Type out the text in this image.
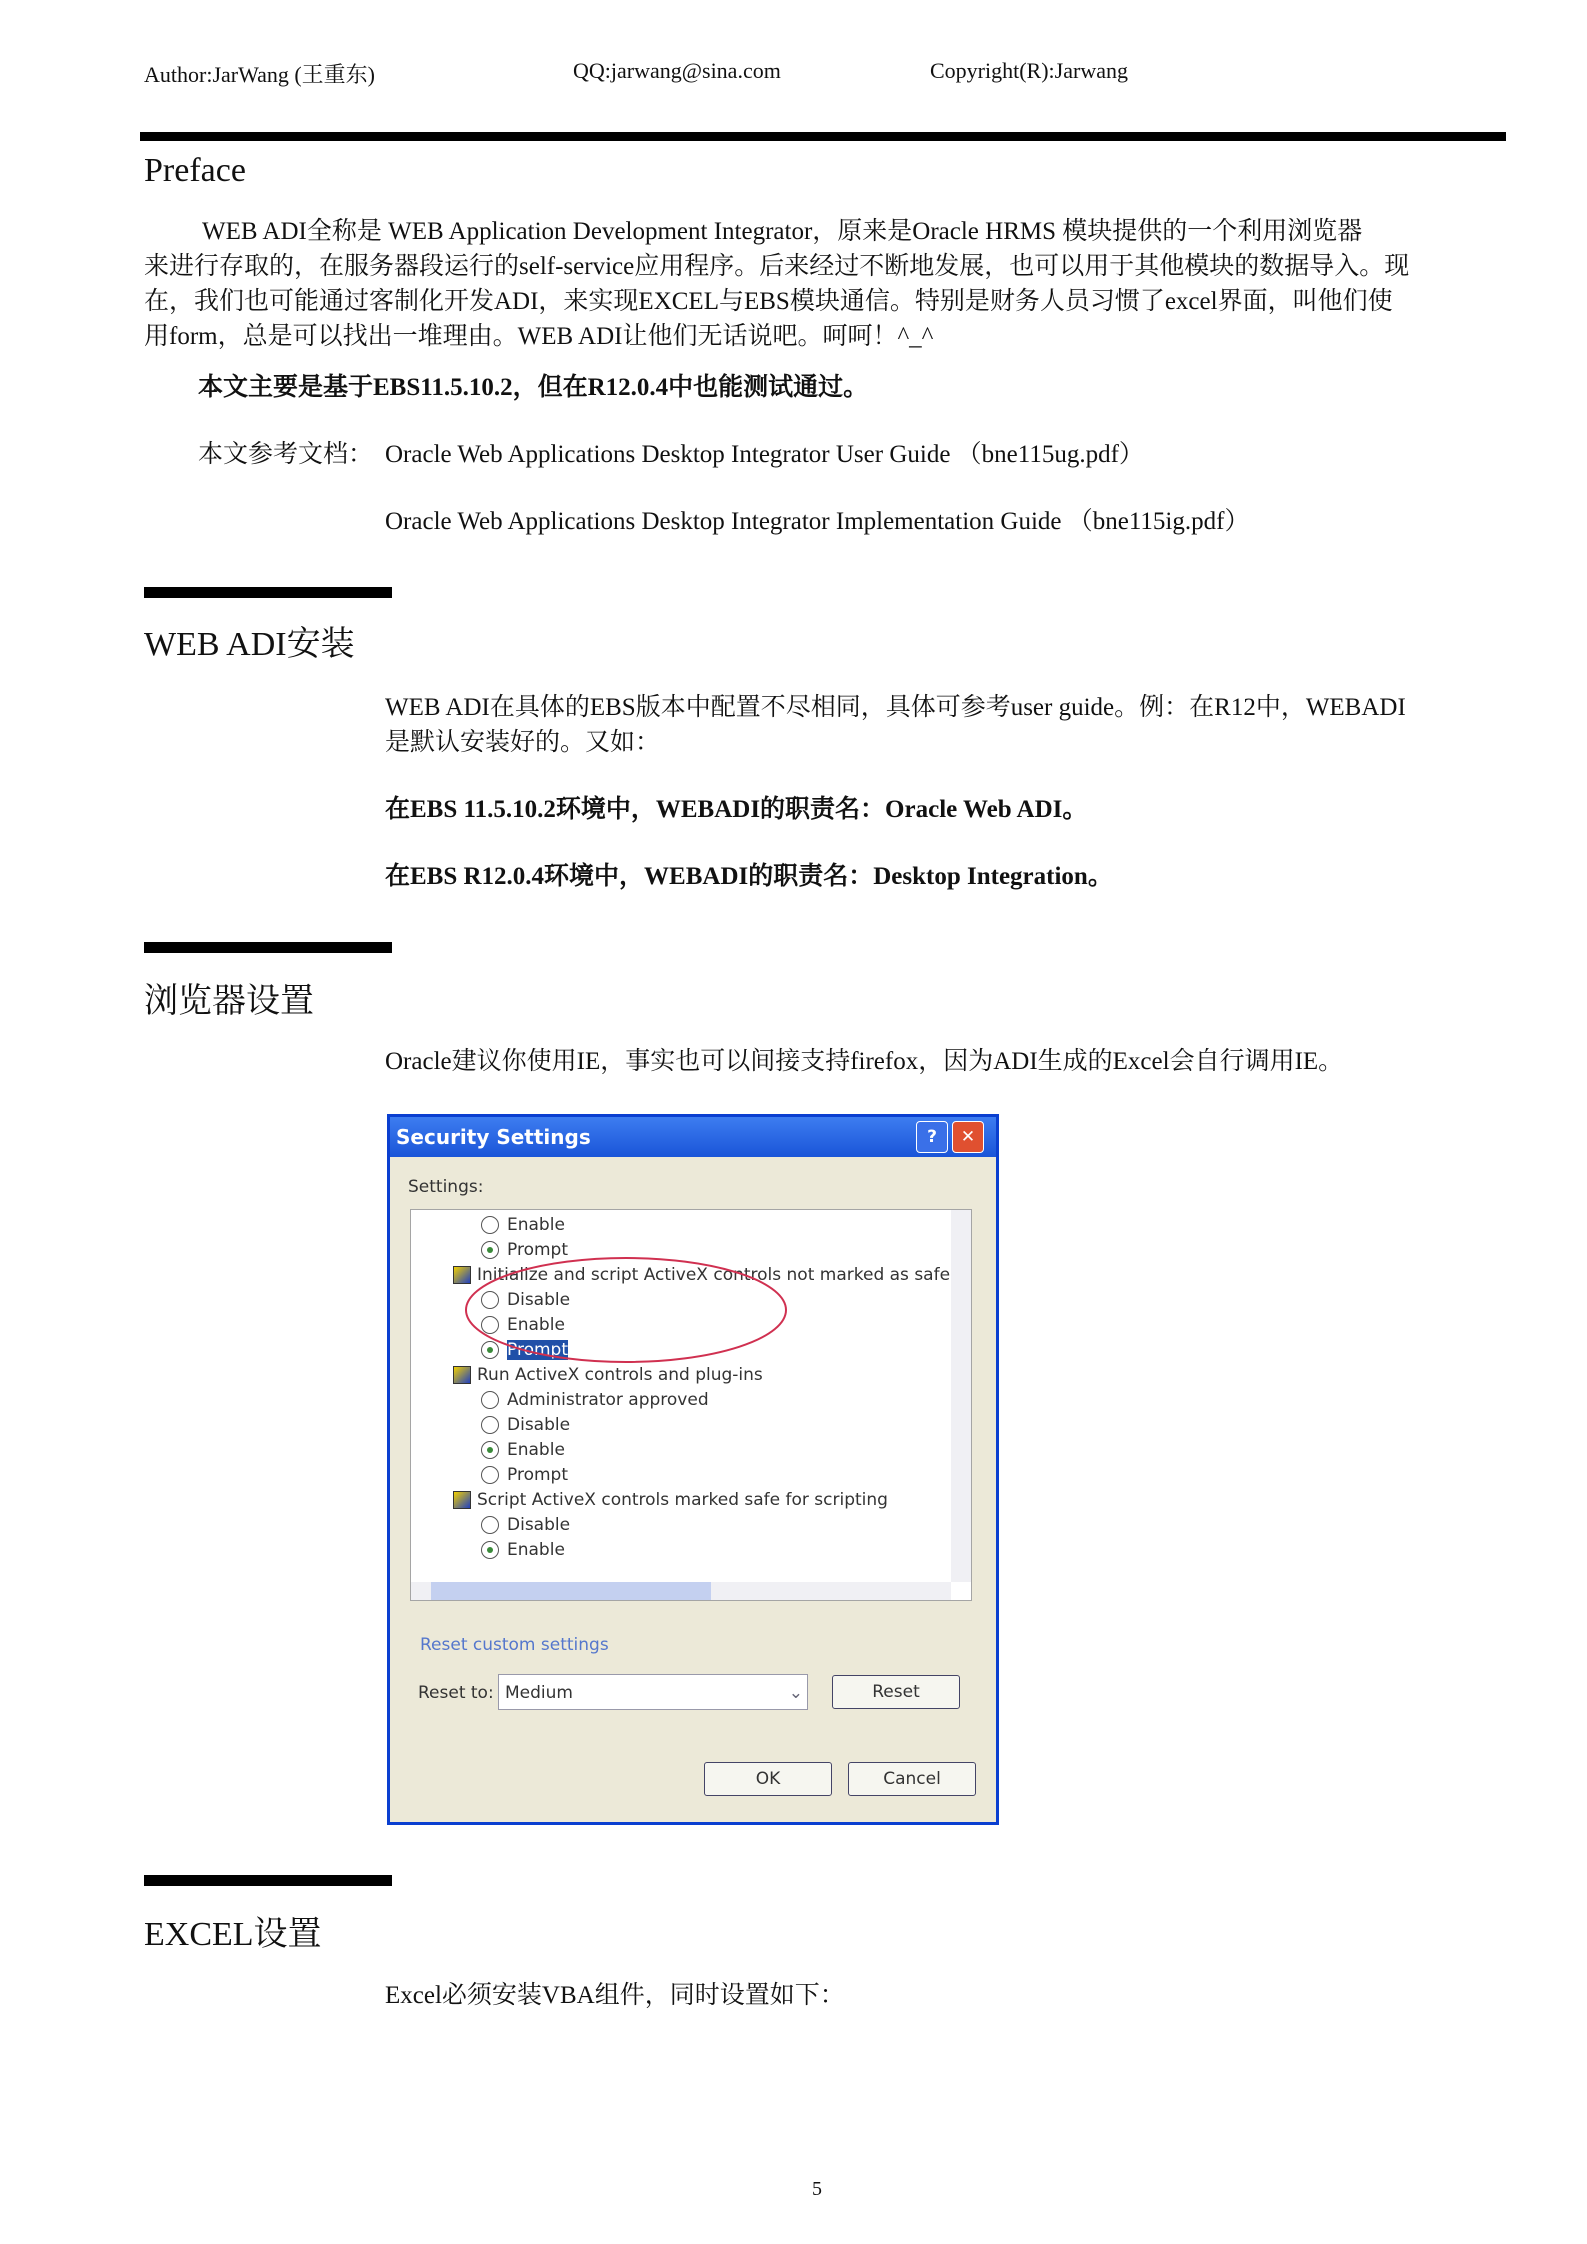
Author:JarWang (王重东)	QQ:jarwang@sina.com	Copyright(R):Jarwang
Preface
WEB ADI全称是 WEB Application Development Integrator，原来是Oracle HRMS 模块提供的一个利用浏览器
来进行存取的，在服务器段运行的self-service应用程序。后来经过不断地发展，也可以用于其他模块的数据导入。现
在，我们也可能通过客制化开发ADI，来实现EXCEL与EBS模块通信。特别是财务人员习惯了excel界面，叫他们使
用form，总是可以找出一堆理由。WEB ADI让他们无话说吧。呵呵！^_^
本文主要是基于EBS11.5.10.2，但在R12.0.4中也能测试通过。
本文参考文档： Oracle Web Applications Desktop Integrator User Guide （bne115ug.pdf）
Oracle Web Applications Desktop Integrator Implementation Guide （bne115ig.pdf）
WEB ADI安装
WEB ADI在具体的EBS版本中配置不尽相同，具体可参考user guide。例：在R12中，WEBADI
是默认安装好的。又如：
在EBS 11.5.10.2环境中，WEBADI的职责名：Oracle Web ADI。
在EBS R12.0.4环境中，WEBADI的职责名：Desktop Integration。
浏览器设置
Oracle建议你使用IE，事实也可以间接支持firefox，因为ADI生成的Excel会自行调用IE。
Security Settings	?	✕
Settings:
Enable
Disable
Script ActiveX controls marked safe for scripting
Prompt
Enable
Disable
Administrator approved
Run ActiveX controls and plug-ins
Prompt
Enable
Disable
Initialize and script ActiveX controls not marked as safe
Prompt
Enable
Reset custom settings
Reset to: Medium	⌄	Reset
OK	Cancel
EXCEL设置
Excel必须安装VBA组件，同时设置如下：
5
